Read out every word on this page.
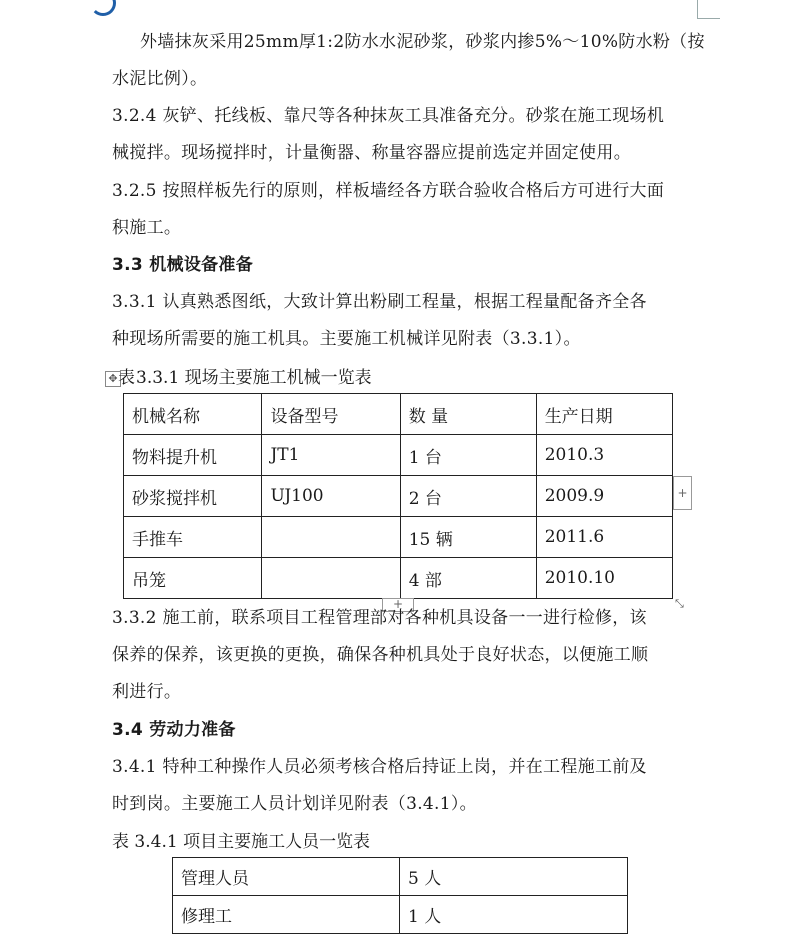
外墙抹灰采用25mm厚1:2防水水泥砂浆，砂浆内掺5%～10%防水粉（按
水泥比例）。
3.2.4 灰铲、托线板、靠尺等各种抹灰工具准备充分。砂浆在施工现场机
械搅拌。现场搅拌时，计量衡器、称量容器应提前选定并固定使用。
3.2.5 按照样板先行的原则，样板墙经各方联合验收合格后方可进行大面
积施工。
3.3 机械设备准备
3.3.1 认真熟悉图纸，大致计算出粉刷工程量，根据工程量配备齐全各
种现场所需要的施工机具。主要施工机械详见附表（3.3.1）。
✥ 表 3.3.1 现场主要施工机械一览表
机械名称	设备型号	数 量	生产日期
物料提升机	JT1	1 台	2010.3
砂浆搅拌机	UJ100	2 台	2009.9
手推车		15 辆	2011.6
吊笼		4 部	2010.10
+
+	⤡
3.3.2 施工前，联系项目工程管理部对各种机具设备一一进行检修，该
保养的保养，该更换的更换，确保各种机具处于良好状态，以便施工顺
利进行。
3.4 劳动力准备
3.4.1 特种工种操作人员必须考核合格后持证上岗，并在工程施工前及
时到岗。主要施工人员计划详见附表（3.4.1）。
表 3.4.1 项目主要施工人员一览表
管理人员	5 人
修理工	1 人
